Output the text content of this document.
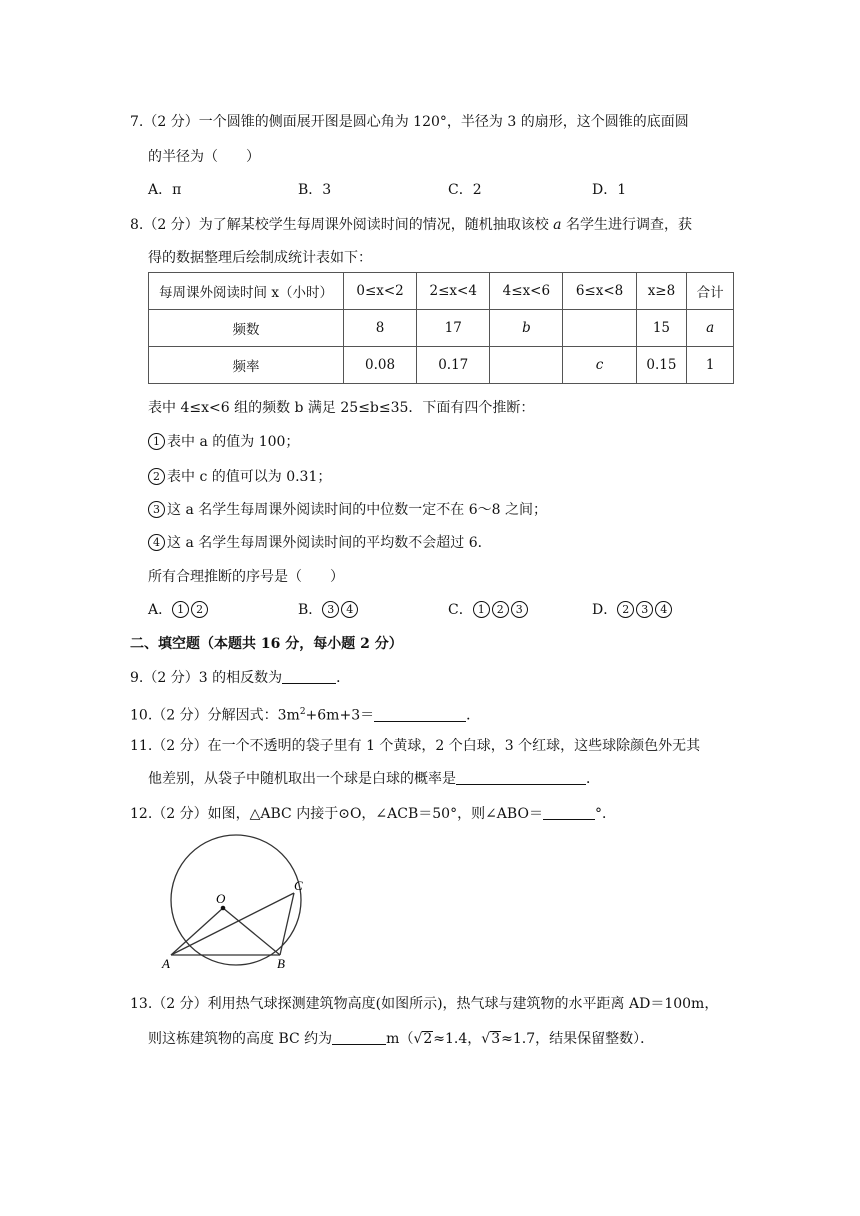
7.（2 分）一个圆锥的侧面展开图是圆心角为 120°，半径为 3 的扇形，这个圆锥的底面圆
的半径为（　　）
A．π	B．3	C．2	D．1
8.（2 分）为了解某校学生每周课外阅读时间的情况，随机抽取该校 a 名学生进行调查，获
得的数据整理后绘制成统计表如下：
每周课外阅读时间 x（小时）	0≤x<2	2≤x<4	4≤x<6	6≤x<8	x≥8	合计
频数	8	17	b		15	a
频率	0.08	0.17		c	0.15	1
表中 4≤x<6 组的频数 b 满足 25≤b≤35．下面有四个推断：
1 表中 a 的值为 100；
2 表中 c 的值可以为 0.31；
3 这 a 名学生每周课外阅读时间的中位数一定不在 6～8 之间；
4 这 a 名学生每周课外阅读时间的平均数不会超过 6．
所有合理推断的序号是（　　）
A． 1 2	B． 3 4	C． 1 2 3	D． 2 3 4
二、填空题（本题共 16 分，每小题 2 分）
9.（2 分）3 的相反数为	．
10.（2 分）分解因式：$3m^2+6m+3=$	．
11.（2 分）在一个不透明的袋子里有 1 个黄球，2 个白球，3 个红球，这些球除颜色外无其
他差别，从袋子中随机取出一个球是白球的概率是	．
12.（2 分）如图，△ABC 内接于⊙O，∠ACB＝50°，则∠ABO＝	°．
O
A	B
C
13.（2 分）利用热气球探测建筑物高度(如图所示)，热气球与建筑物的水平距离 AD＝100m，
则这栋建筑物的高度 BC 约为	m（√2≈1.4，√3≈1.7，结果保留整数）．
